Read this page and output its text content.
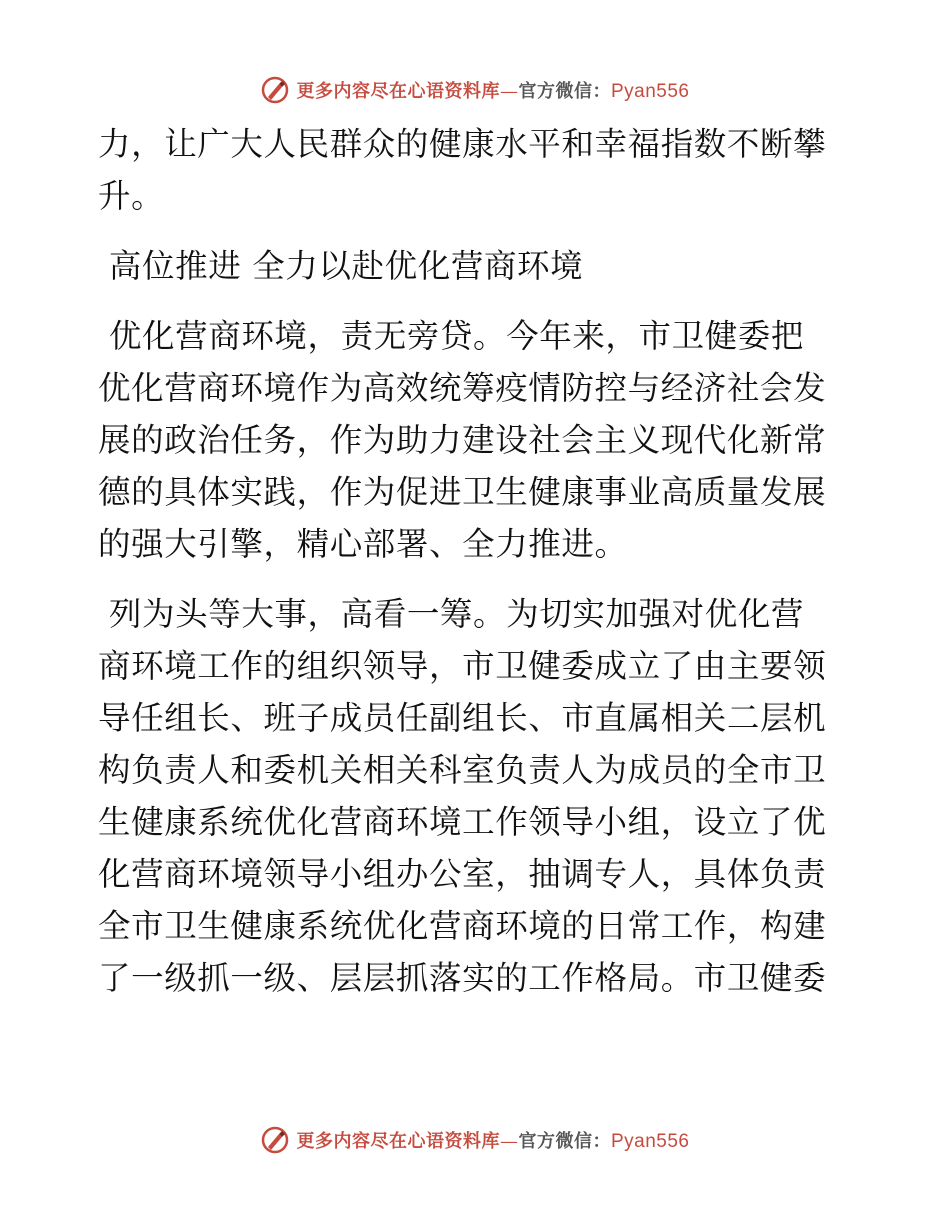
更多内容尽在心语资料库—官方微信：Pyan556

力，让广大人民群众的健康水平和幸福指数不断攀
升。

高位推进 全力以赴优化营商环境

优化营商环境，责无旁贷。今年来，市卫健委把
优化营商环境作为高效统筹疫情防控与经济社会发
展的政治任务，作为助力建设社会主义现代化新常
德的具体实践，作为促进卫生健康事业高质量发展
的强大引擎，精心部署、全力推进。

列为头等大事，高看一筹。为切实加强对优化营
商环境工作的组织领导，市卫健委成立了由主要领
导任组长、班子成员任副组长、市直属相关二层机
构负责人和委机关相关科室负责人为成员的全市卫
生健康系统优化营商环境工作领导小组，设立了优
化营商环境领导小组办公室，抽调专人，具体负责
全市卫生健康系统优化营商环境的日常工作，构建
了一级抓一级、层层抓落实的工作格局。市卫健委

更多内容尽在心语资料库—官方微信：Pyan556
